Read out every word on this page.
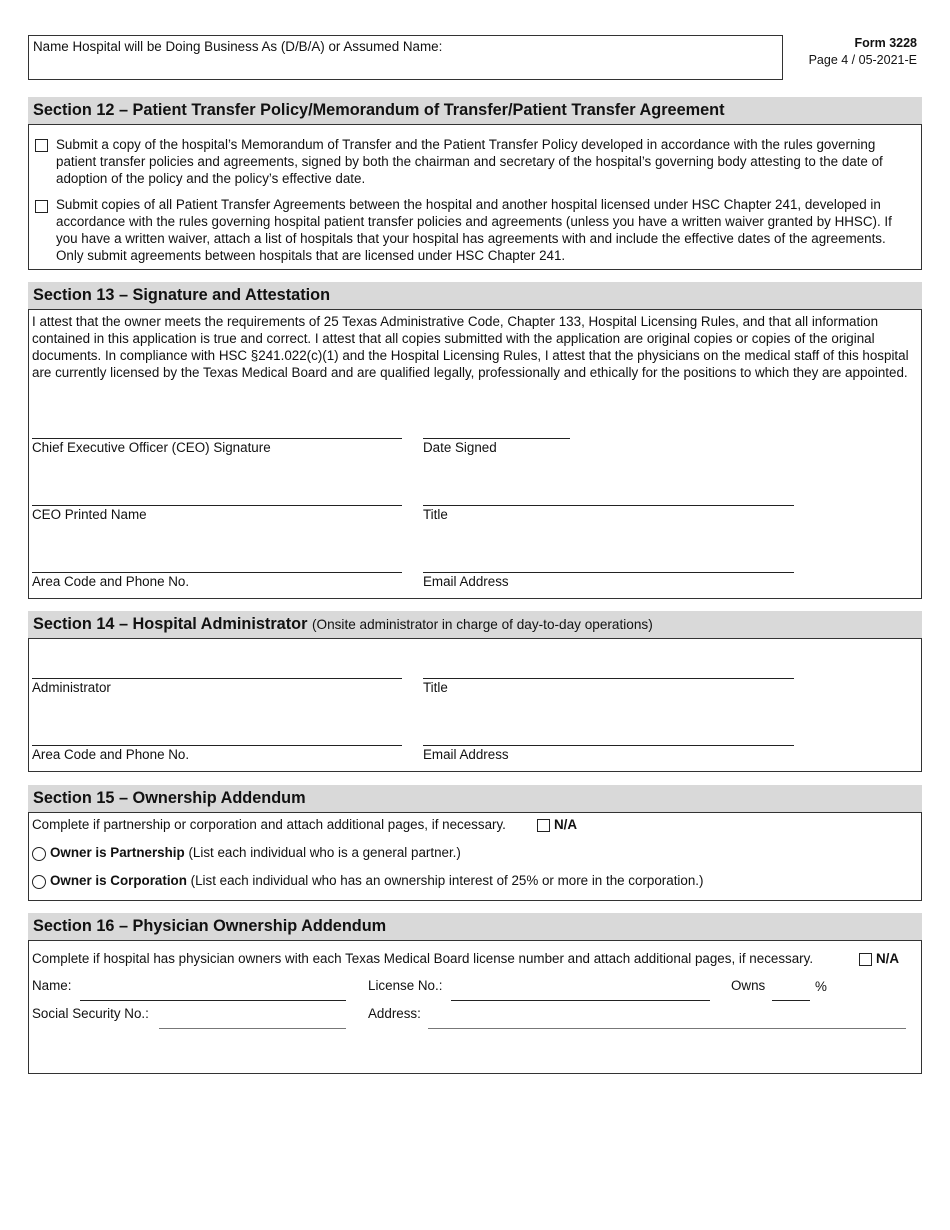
Name Hospital will be Doing Business As (D/B/A) or Assumed Name:	Form 3228
Page 4 / 05-2021-E
Section 12 – Patient Transfer Policy/Memorandum of Transfer/Patient Transfer Agreement
Submit a copy of the hospital’s Memorandum of Transfer and the Patient Transfer Policy developed in accordance with the rules governing patient transfer policies and agreements, signed by both the chairman and secretary of the hospital’s governing body attesting to the date of adoption of the policy and the policy’s effective date.
Submit copies of all Patient Transfer Agreements between the hospital and another hospital licensed under HSC Chapter 241, developed in accordance with the rules governing hospital patient transfer policies and agreements (unless you have a written waiver granted by HHSC). If you have a written waiver, attach a list of hospitals that your hospital has agreements with and include the effective dates of the agreements. Only submit agreements between hospitals that are licensed under HSC Chapter 241.
Section 13 – Signature and Attestation
I attest that the owner meets the requirements of 25 Texas Administrative Code, Chapter 133, Hospital Licensing Rules, and that all information contained in this application is true and correct. I attest that all copies submitted with the application are original copies or copies of the original documents. In compliance with HSC §241.022(c)(1) and the Hospital Licensing Rules, I attest that the physicians on the medical staff of this hospital are currently licensed by the Texas Medical Board and are qualified legally, professionally and ethically for the positions to which they are appointed.
Chief Executive Officer (CEO) Signature	Date Signed
CEO Printed Name	Title
Area Code and Phone No.	Email Address
Section 14 – Hospital Administrator (Onsite administrator in charge of day-to-day operations)
Administrator	Title
Area Code and Phone No.	Email Address
Section 15 – Ownership Addendum
Complete if partnership or corporation and attach additional pages, if necessary.	N/A
Owner is Partnership (List each individual who is a general partner.)
Owner is Corporation (List each individual who has an ownership interest of 25% or more in the corporation.)
Section 16 – Physician Ownership Addendum
Complete if hospital has physician owners with each Texas Medical Board license number and attach additional pages, if necessary.	N/A
Name:	License No.:	Owns	%
Social Security No.:	Address:
